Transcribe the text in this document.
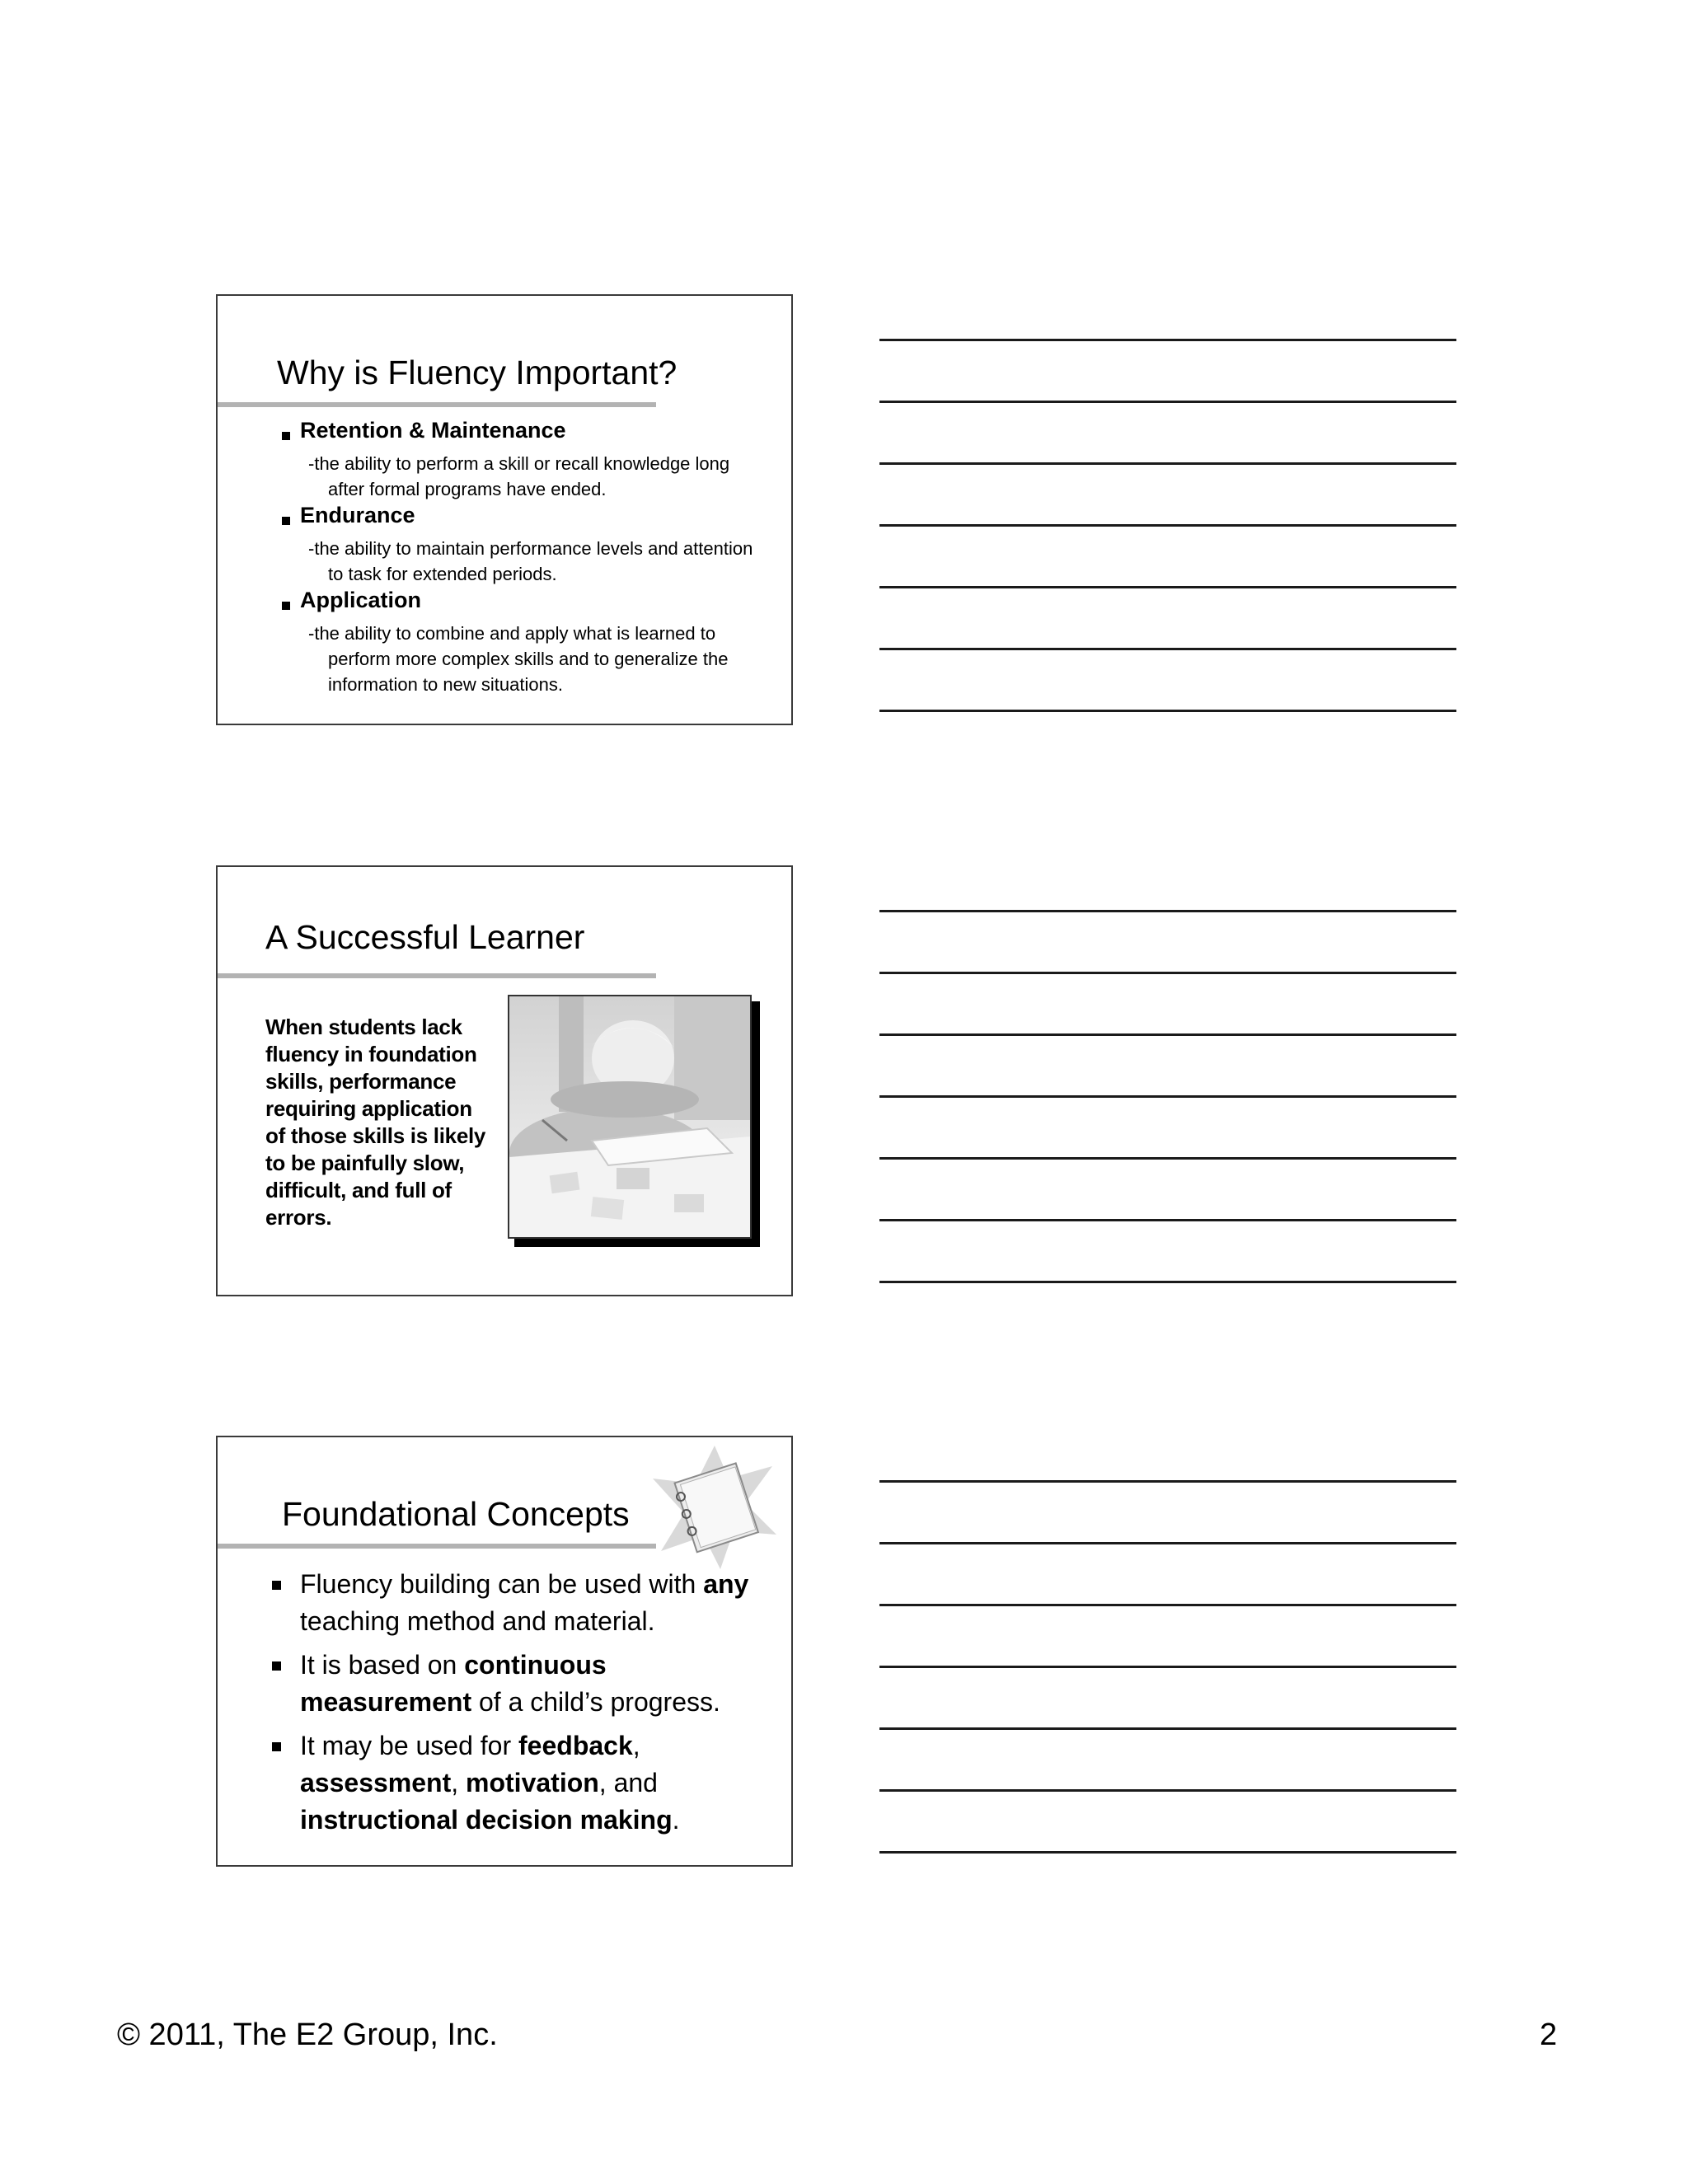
Why is Fluency Important?
Retention & Maintenance
-the ability to perform a skill or recall knowledge long
after formal programs have ended.
Endurance
-the ability to maintain performance levels and attention
to task for extended periods.
Application
-the ability to combine and apply what is learned to
perform more complex skills and to generalize the
information to new situations.
A Successful Learner
When students lack fluency in foundation skills, performance requiring application of those skills is likely to be painfully slow, difficult, and full of errors.
Foundational Concepts
Fluency building can be used with any teaching method and material.
It is based on continuous measurement of a child’s progress.
It may be used for feedback, assessment, motivation, and instructional decision making.
© 2011, The E2 Group, Inc.	2
